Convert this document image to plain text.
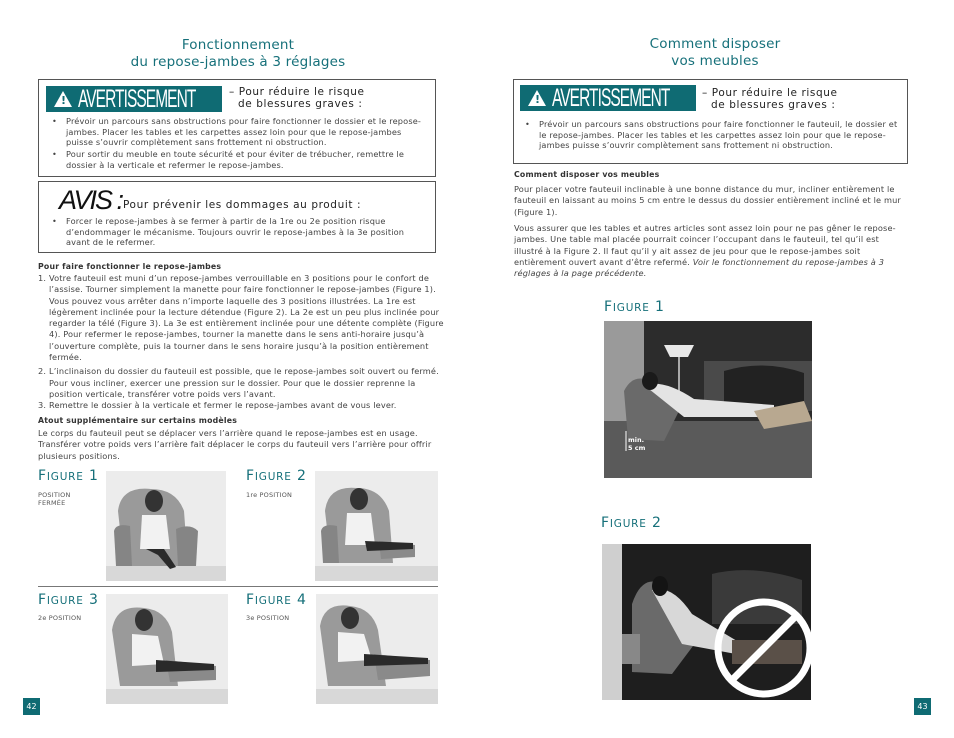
Fonctionnement
du repose-jambes à 3 réglages
! AVERTISSEMENT	– Pour réduire le risque
de blessures graves :
• Prévoir un parcours sans obstructions pour faire fonctionner le dossier et le repose-jambes. Placer les tables et les carpettes assez loin pour que le repose-jambes puisse s’ouvrir complètement sans frottement ni obstruction.
• Pour sortir du meuble en toute sécurité et pour éviter de trébucher, remettre le dossier à la verticale et refermer le repose-jambes.
AVIS : Pour prévenir les dommages au produit :
• Forcer le repose-jambes à se fermer à partir de la 1re ou 2e position risque d’endommager le mécanisme. Toujours ouvrir le repose-jambes à la 3e position avant de le refermer.
Pour faire fonctionner le repose-jambes
1. Votre fauteuil est muni d’un repose-jambes verrouillable en 3 positions pour le confort de l’assise. Tourner simplement la manette pour faire fonctionner le repose-jambes (Figure 1). Vous pouvez vous arrêter dans n’importe laquelle des 3 positions illustrées. La 1re est légèrement inclinée pour la lecture détendue (Figure 2). La 2e est un peu plus inclinée pour regarder la télé (Figure 3). La 3e est entièrement inclinée pour une détente complète (Figure 4). Pour refermer le repose-jambes, tourner la manette dans le sens anti-horaire jusqu’à l’ouverture complète, puis la tourner dans le sens horaire jusqu’à la position entièrement fermée.
2. L’inclinaison du dossier du fauteuil est possible, que le repose-jambes soit ouvert ou fermé. Pour vous incliner, exercer une pression sur le dossier. Pour que le dossier reprenne la position verticale, transférer votre poids vers l’avant.
3. Remettre le dossier à la verticale et fermer le repose-jambes avant de vous lever.
Atout supplémentaire sur certains modèles
Le corps du fauteuil peut se déplacer vers l’arrière quand le repose-jambes est en usage. Transférer votre poids vers l’arrière fait déplacer le corps du fauteuil vers l’arrière pour offrir plusieurs positions.
FIGURE 1
POSITION
FERMÉE
FIGURE 2
1re POSITION
FIGURE 3
2e POSITION
FIGURE 4
3e POSITION
42
Comment disposer
vos meubles
! AVERTISSEMENT	– Pour réduire le risque
de blessures graves :
• Prévoir un parcours sans obstructions pour faire fonctionner le fauteuil, le dossier et le repose-jambes. Placer les tables et les carpettes assez loin pour que le repose-jambes puisse s’ouvrir complètement sans frottement ni obstruction.
Comment disposer vos meubles
Pour placer votre fauteuil inclinable à une bonne distance du mur, incliner entièrement le fauteuil en laissant au moins 5 cm entre le dessus du dossier entièrement incliné et le mur (Figure 1).
Vous assurer que les tables et autres articles sont assez loin pour ne pas gêner le repose-jambes. Une table mal placée pourrait coincer l’occupant dans le fauteuil, tel qu’il est illustré à la Figure 2. Il faut qu’il y ait assez de jeu pour que le repose-jambes soit entièrement ouvert avant d’être refermé. Voir le fonctionnement du repose-jambes à 3 réglages à la page précédente.
FIGURE 1
min.
5 cm
FIGURE 2
43
